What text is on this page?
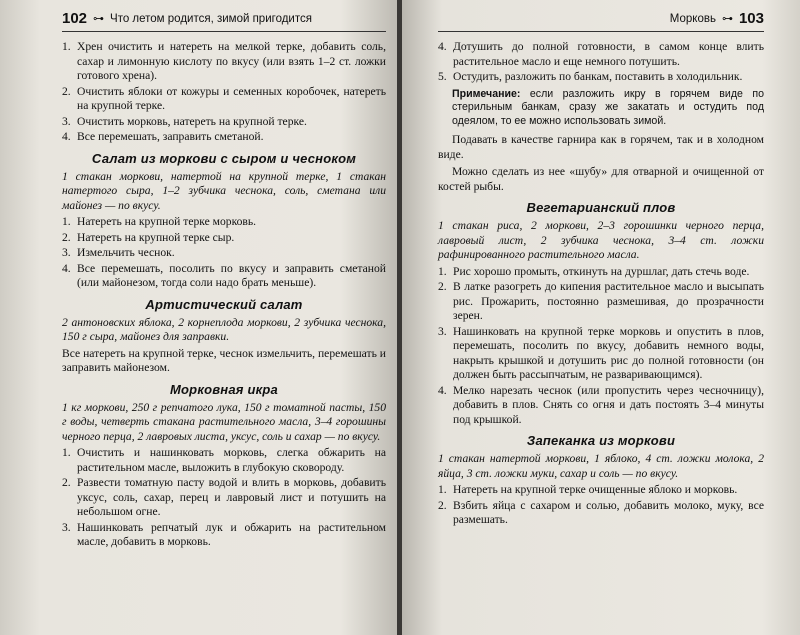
102 ⊶ Что летом родится, зимой пригодится
1. Хрен очистить и натереть на мелкой терке, добавить соль, сахар и лимонную кислоту по вкусу (или взять 1–2 ст. ложки готового хрена).
2. Очистить яблоки от кожуры и семенных коробочек, натереть на крупной терке.
3. Очистить морковь, натереть на крупной терке.
4. Все перемешать, заправить сметаной.
Салат из моркови с сыром и чесноком
1 стакан моркови, натертой на крупной терке, 1 стакан натертого сыра, 1–2 зубчика чеснока, соль, сметана или майонез — по вкусу.
1. Натереть на крупной терке морковь.
2. Натереть на крупной терке сыр.
3. Измельчить чеснок.
4. Все перемешать, посолить по вкусу и заправить сметаной (или майонезом, тогда соли надо брать меньше).
Артистический салат
2 антоновских яблока, 2 корнеплода моркови, 2 зубчика чеснока, 150 г сыра, майонез для заправки.
Все натереть на крупной терке, чеснок измельчить, перемешать и заправить майонезом.
Морковная икра
1 кг моркови, 250 г репчатого лука, 150 г томатной пасты, 150 г воды, четверть стакана растительного масла, 3–4 горошины черного перца, 2 лавровых листа, уксус, соль и сахар — по вкусу.
1. Очистить и нашинковать морковь, слегка обжарить на растительном масле, выложить в глубокую сковороду.
2. Развести томатную пасту водой и влить в морковь, добавить уксус, соль, сахар, перец и лавровый лист и потушить на небольшом огне.
3. Нашинковать репчатый лук и обжарить на растительном масле, добавить в морковь.
Морковь ⊶ 103
4. Дотушить до полной готовности, в самом конце влить растительное масло и еще немного потушить.
5. Остудить, разложить по банкам, поставить в холодильник.
Примечание: если разложить икру в горячем виде по стерильным банкам, сразу же закатать и остудить под одеялом, то ее можно использовать зимой.
Подавать в качестве гарнира как в горячем, так и в холодном виде.
Можно сделать из нее «шубу» для отварной и очищенной от костей рыбы.
Вегетарианский плов
1 стакан риса, 2 моркови, 2–3 горошинки черного перца, лавровый лист, 2 зубчика чеснока, 3–4 ст. ложки рафинированного растительного масла.
1. Рис хорошо промыть, откинуть на дуршлаг, дать стечь воде.
2. В латке разогреть до кипения растительное масло и высыпать рис. Прожарить, постоянно размешивая, до прозрачности зерен.
3. Нашинковать на крупной терке морковь и опустить в плов, перемешать, посолить по вкусу, добавить немного воды, накрыть крышкой и дотушить рис до полной готовности (он должен быть рассыпчатым, не разваривающимся).
4. Мелко нарезать чеснок (или пропустить через чесночницу), добавить в плов. Снять со огня и дать постоять 3–4 минуты под крышкой.
Запеканка из моркови
1 стакан натертой моркови, 1 яблоко, 4 ст. ложки молока, 2 яйца, 3 ст. ложки муки, сахар и соль — по вкусу.
1. Натереть на крупной терке очищенные яблоко и морковь.
2. Взбить яйца с сахаром и солью, добавить молоко, муку, все размешать.
